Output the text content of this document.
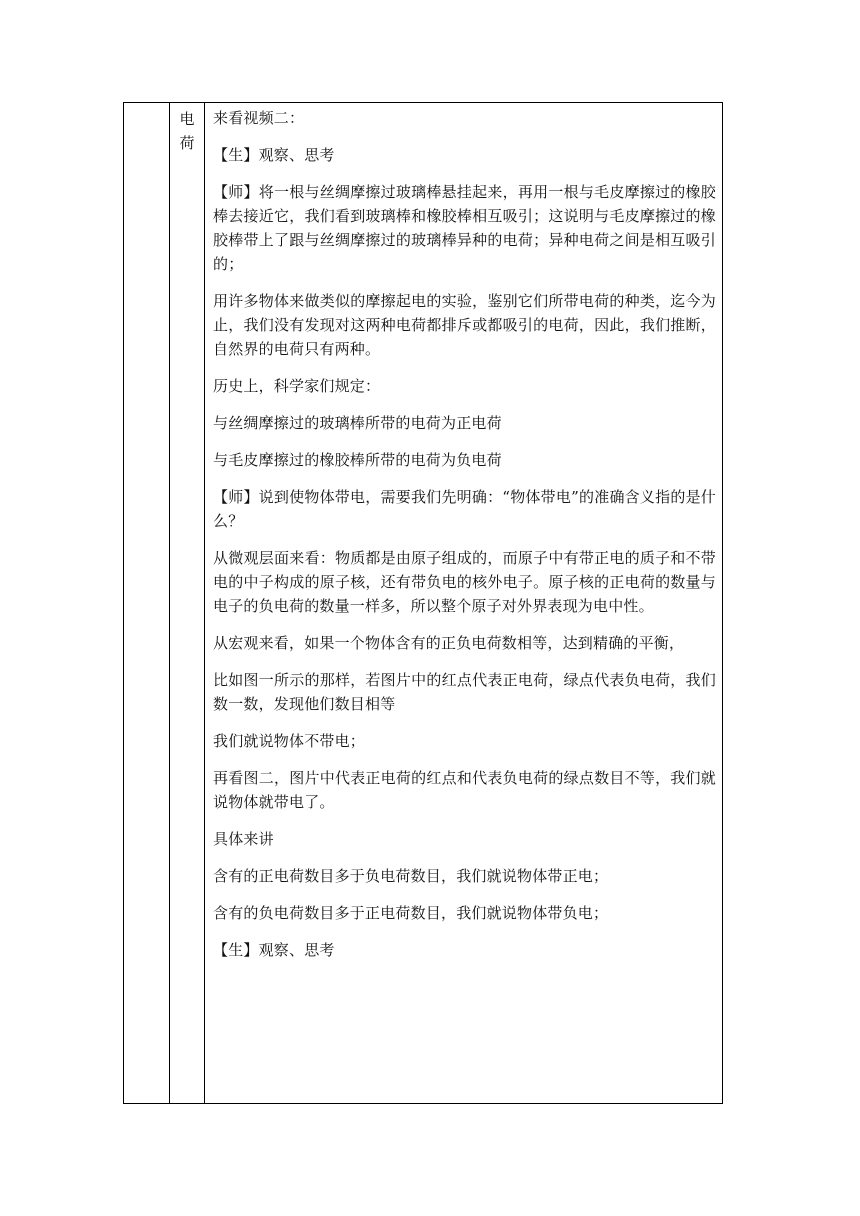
电
荷

来看视频二：

【生】观察、思考

【师】将一根与丝绸摩擦过玻璃棒悬挂起来，再用一根与毛皮摩擦过的橡胶棒去接近它，我们看到玻璃棒和橡胶棒相互吸引；这说明与毛皮摩擦过的橡胶棒带上了跟与丝绸摩擦过的玻璃棒异种的电荷；异种电荷之间是相互吸引的；

用许多物体来做类似的摩擦起电的实验，鉴别它们所带电荷的种类，迄今为止，我们没有发现对这两种电荷都排斥或都吸引的电荷，因此，我们推断，自然界的电荷只有两种。

历史上，科学家们规定：

与丝绸摩擦过的玻璃棒所带的电荷为正电荷

与毛皮摩擦过的橡胶棒所带的电荷为负电荷

【师】说到使物体带电，需要我们先明确：“物体带电”的准确含义指的是什么？

从微观层面来看：物质都是由原子组成的，而原子中有带正电的质子和不带电的中子构成的原子核，还有带负电的核外电子。原子核的正电荷的数量与电子的负电荷的数量一样多，所以整个原子对外界表现为电中性。

从宏观来看，如果一个物体含有的正负电荷数相等，达到精确的平衡，

比如图一所示的那样，若图片中的红点代表正电荷，绿点代表负电荷，我们数一数，发现他们数目相等

我们就说物体不带电；

再看图二，图片中代表正电荷的红点和代表负电荷的绿点数目不等，我们就说物体就带电了。

具体来讲

含有的正电荷数目多于负电荷数目，我们就说物体带正电；

含有的负电荷数目多于正电荷数目，我们就说物体带负电；

【生】观察、思考
